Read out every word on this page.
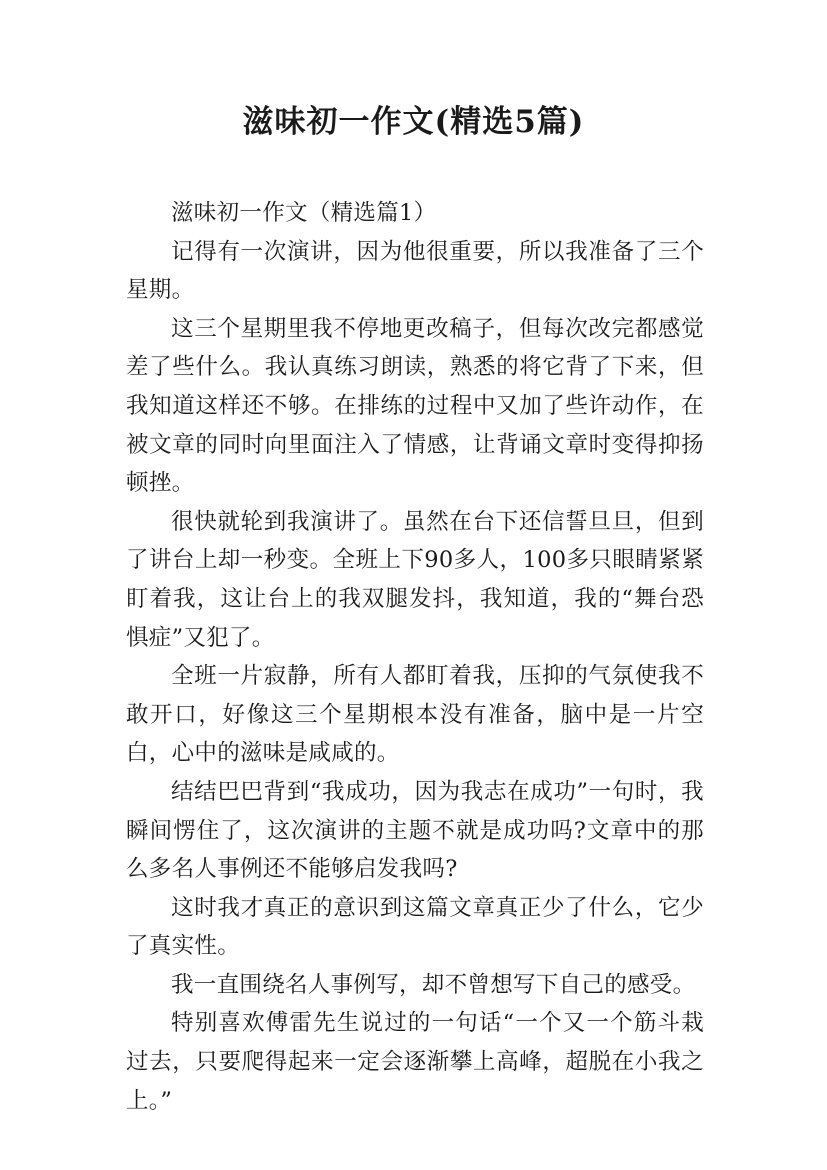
滋味初一作文(精选5篇)

滋味初一作文（精选篇1）

记得有一次演讲，因为他很重要，所以我准备了三个星期。

这三个星期里我不停地更改稿子，但每次改完都感觉差了些什么。我认真练习朗读，熟悉的将它背了下来，但我知道这样还不够。在排练的过程中又加了些许动作，在被文章的同时向里面注入了情感，让背诵文章时变得抑扬顿挫。

很快就轮到我演讲了。虽然在台下还信誓旦旦，但到了讲台上却一秒变。全班上下90多人，100多只眼睛紧紧盯着我，这让台上的我双腿发抖，我知道，我的“舞台恐惧症”又犯了。

全班一片寂静，所有人都盯着我，压抑的气氛使我不敢开口，好像这三个星期根本没有准备，脑中是一片空白，心中的滋味是咸咸的。

结结巴巴背到“我成功，因为我志在成功”一句时，我瞬间愣住了，这次演讲的主题不就是成功吗?文章中的那么多名人事例还不能够启发我吗?

这时我才真正的意识到这篇文章真正少了什么，它少了真实性。

我一直围绕名人事例写，却不曾想写下自己的感受。

特别喜欢傅雷先生说过的一句话“一个又一个筋斗栽过去，只要爬得起来一定会逐渐攀上高峰，超脱在小我之上。”
